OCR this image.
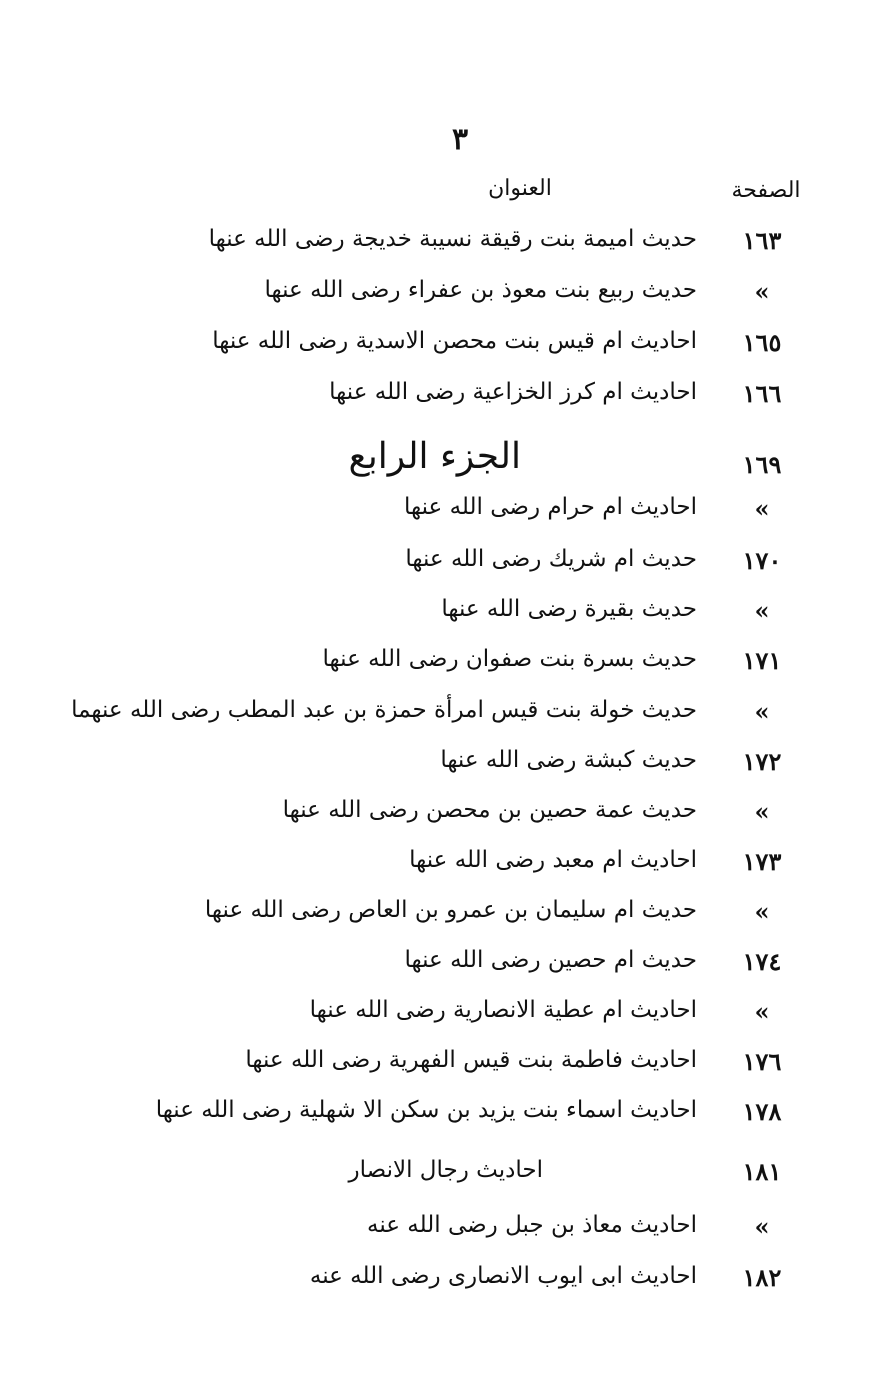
٣
الصفحة
العنوان
١٦٣
حديث اميمة بنت رقيقة نسيبة خديجة رضى الله عنها
»
حديث ربيع بنت معوذ بن عفراء رضى الله عنها
١٦٥
احاديث ام قيس بنت محصن الاسدية رضى الله عنها
١٦٦
احاديث ام كرز الخزاعية رضى الله عنها
١٦٩
الجزء الرابع
»
احاديث ام حرام رضى الله عنها
١٧٠
حديث ام شريك رضى الله عنها
»
حديث بقيرة رضى الله عنها
١٧١
حديث بسرة بنت صفوان رضى الله عنها
»
حديث خولة بنت قيس امرأة حمزة بن عبد المطب رضى الله عنهما
١٧٢
حديث كبشة رضى الله عنها
»
حديث عمة حصين بن محصن رضى الله عنها
١٧٣
احاديث ام معبد رضى الله عنها
»
حديث ام سليمان بن عمرو بن العاص رضى الله عنها
١٧٤
حديث ام حصين رضى الله عنها
»
احاديث ام عطية الانصارية رضى الله عنها
١٧٦
احاديث فاطمة بنت قيس الفهرية رضى الله عنها
١٧٨
احاديث اسماء بنت يزيد بن سكن الا شهلية رضى الله عنها
١٨١
احاديث رجال الانصار
»
احاديث معاذ بن جبل رضى الله عنه
١٨٢
احاديث ابى ايوب الانصارى رضى الله عنه
